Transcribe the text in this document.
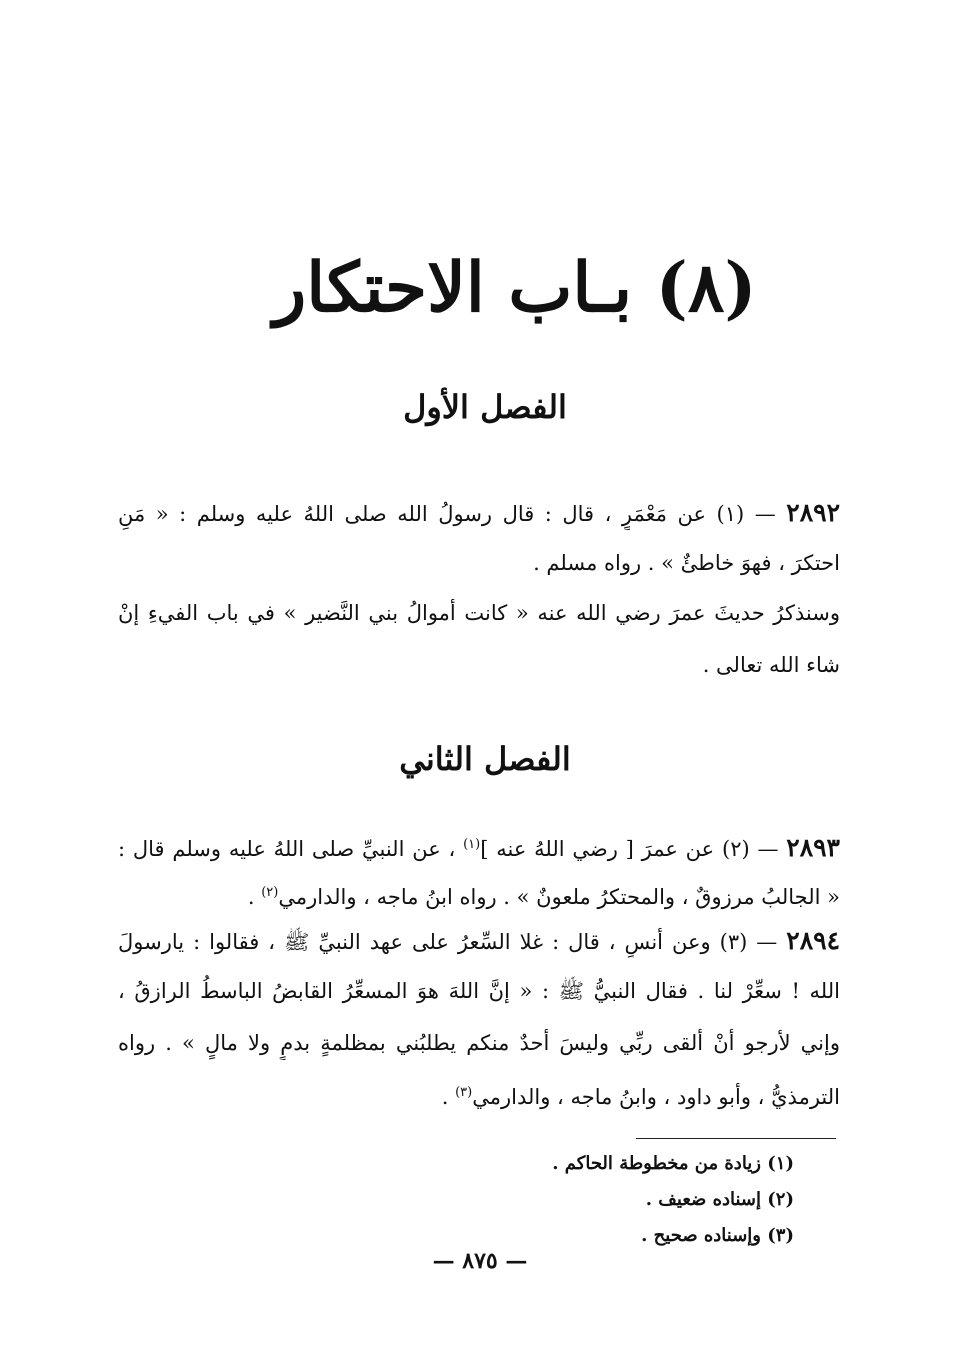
(٨) بـاب الاحتكار
الفصل الأول
٢٨٩٢ — (١) عن مَعْمَرٍ ، قال : قال رسولُ الله صلى اللهُ عليه وسلم : « مَنِ
احتكرَ ، فهوَ خاطئٌ » . رواه مسلم .
وسنذكرُ حديثَ عمرَ رضي الله عنه « كانت أموالُ بني النَّضير » في باب الفيءِ إنْ
شاء الله تعالى .
الفصل الثاني
٢٨٩٣ — (٢) عن عمرَ [ رضي اللهُ عنه ]$^{(١)}$ ، عنِ النبيِّ صلى اللهُ عليه وسلم قال :
« الجالبُ مرزوقٌ ، والمحتكرُ ملعونٌ » . رواه ابنُ ماجه ، والدارمي$^{(٢)}$ .
٢٨٩٤ — (٣) وعن أنسٍ ، قال : غلا السِّعرُ على عهد النبيِّ ﷺ ، فقالوا : يارسولَ
الله ! سعِّرْ لنا . فقال النبيُّ ﷺ : « إنَّ اللهَ هوَ المسعِّرُ القابضُ الباسطُ الرازقُ ،
وإني لأرجو أنْ ألقى ربِّي وليسَ أحدٌ منكم يطلبُني بمظلمةٍ بدمٍ ولا مالٍ » . رواه
الترمذيُّ ، وأبو داود ، وابنُ ماجه ، والدارمي$^{(٣)}$ .
(١) زيادة من مخطوطة الحاكم .
(٢) إسناده ضعيف .
(٣) وإسناده صحيح .
— ٨٧٥ —
